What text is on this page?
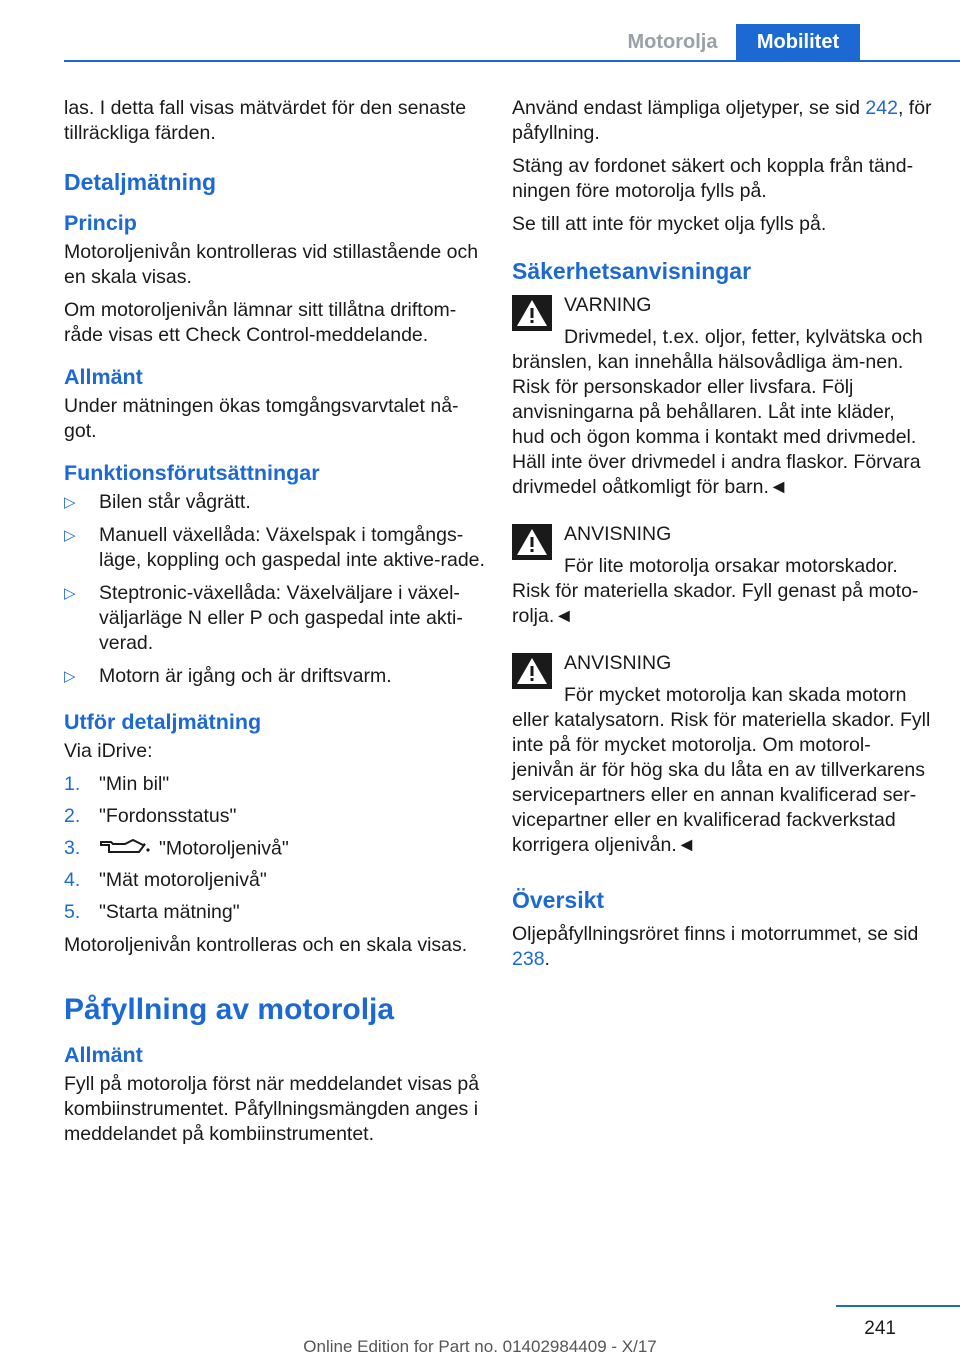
Motorolja	Mobilitet

las. I detta fall visas mätvärdet för den senaste tillräckliga färden.

Detaljmätning
Princip

Motoroljenivån kontrolleras vid stillastående och en skala visas.

Om motoroljenivån lämnar sitt tillåtna driftom-råde visas ett Check Control-meddelande.

Allmänt

Under mätningen ökas tomgångsvarvtalet nå-got.

Funktionsförutsättningar
▷ Bilen står vågrätt.
▷ Manuell växellåda: Växelspak i tomgångs-läge, koppling och gaspedal inte aktive-rade.
▷ Steptronic-växellåda: Växelväljare i växel-väljarläge N eller P och gaspedal inte akti-verad.
▷ Motorn är igång och är driftsvarm.
Utför detaljmätning

Via iDrive:

1. "Min bil"
2. "Fordonsstatus"
3.	"Motoroljenivå"
4. "Mät motoroljenivå"
5. "Starta mätning"

Motoroljenivån kontrolleras och en skala visas.

Påfyllning av motorolja
Allmänt

Fyll på motorolja först när meddelandet visas på kombiinstrumentet. Påfyllningsmängden anges i meddelandet på kombiinstrumentet.

Använd endast lämpliga oljetyper, se sid 242, för påfyllning.

Stäng av fordonet säkert och koppla från tänd-ningen före motorolja fylls på.

Se till att inte för mycket olja fylls på.

Säkerhetsanvisningar
VARNING

Drivmedel, t.ex. oljor, fetter, kylvätska och bränslen, kan innehålla hälsovådliga äm-nen. Risk för personskador eller livsfara. Följ anvisningarna på behållaren. Låt inte kläder, hud och ögon komma i kontakt med drivmedel. Häll inte över drivmedel i andra flaskor. Förvara drivmedel oåtkomligt för barn.◄

ANVISNING

För lite motorolja orsakar motorskador. Risk för materiella skador. Fyll genast på moto-rolja.◄

ANVISNING

För mycket motorolja kan skada motorn eller katalysatorn. Risk för materiella skador. Fyll inte på för mycket motorolja. Om motorol-jenivån är för hög ska du låta en av tillverkarens servicepartners eller en annan kvalificerad ser-vicepartner eller en kvalificerad fackverkstad korrigera oljenivån.◄

Översikt

Oljepåfyllningsröret finns i motorrummet, se sid 238.

241
Online Edition for Part no. 01402984409 - X/17
